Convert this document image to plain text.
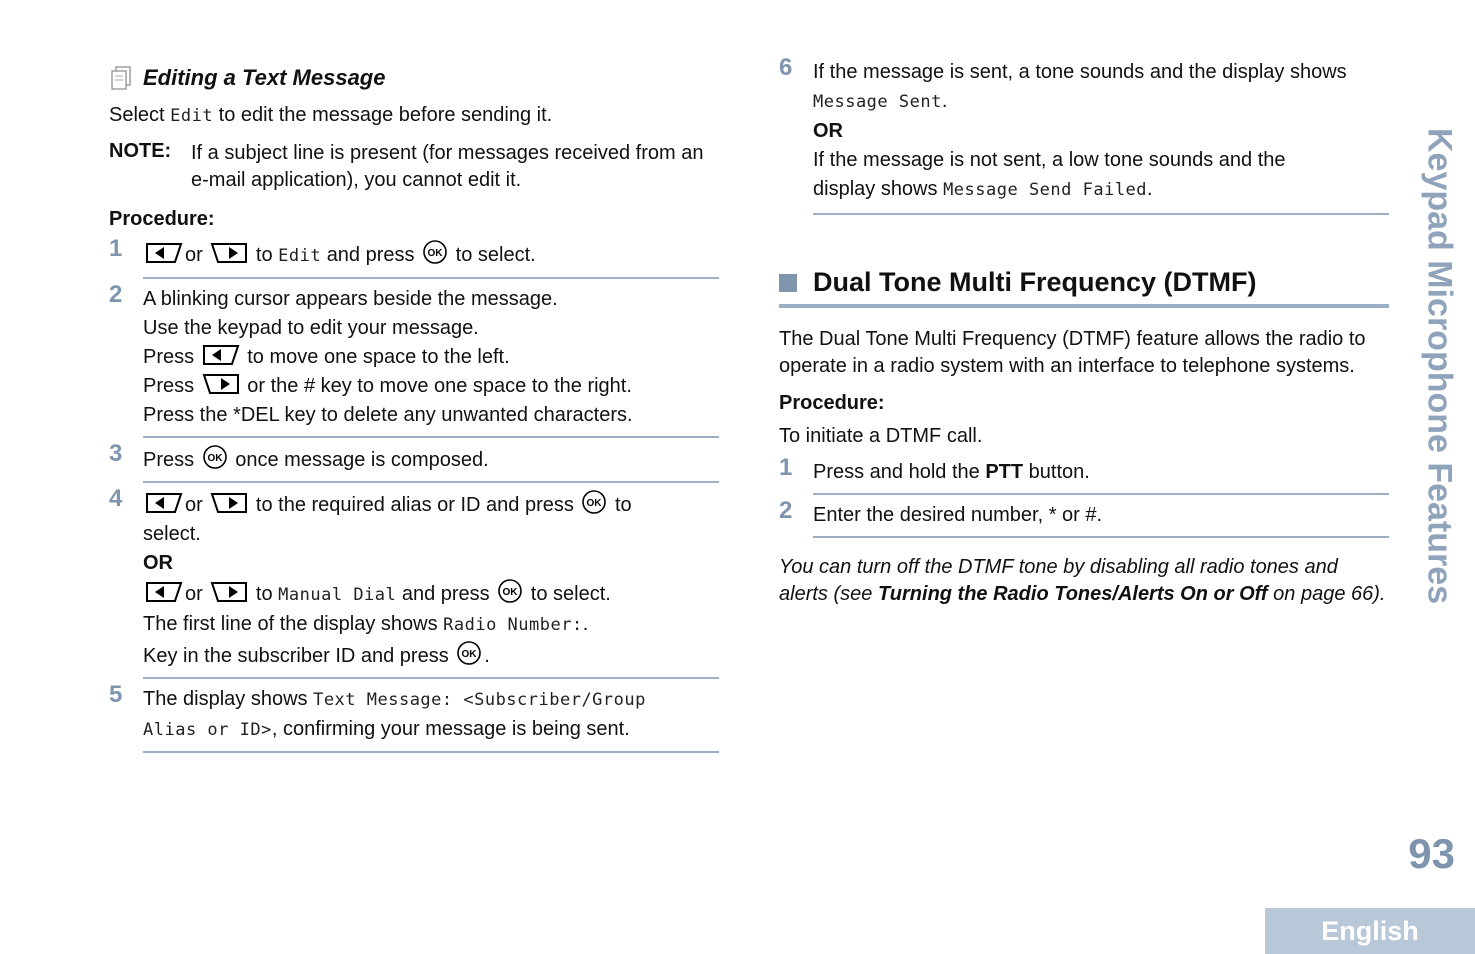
Editing a Text Message

Select Edit to edit the message before sending it.

NOTE: If a subject line is present (for messages received from an e-mail application), you cannot edit it.

Procedure:
1	or	to Edit and press OK to select.

2	A blinking cursor appears beside the message.

Use the keypad to edit your message.

Press	to move one space to the left.

Press	or the # key to move one space to the right.

Press the *DEL key to delete any unwanted characters.

3	Press OK once message is composed.

4	or	to the required alias or ID and press OK to

select.

OR

or	to Manual Dial and press OK to select.

The first line of the display shows Radio Number:.

Key in the subscriber ID and press OK .

5	The display shows Text Message: <Subscriber/Group

Alias or ID>, confirming your message is being sent.

6	If the message is sent, a tone sounds and the display shows

Message Sent.

OR

If the message is not sent, a low tone sounds and the

display shows Message Send Failed.

Dual Tone Multi Frequency (DTMF)

The Dual Tone Multi Frequency (DTMF) feature allows the radio to operate in a radio system with an interface to telephone systems.

Procedure:

To initiate a DTMF call.

1	Press and hold the PTT button.

2	Enter the desired number, * or #.

You can turn off the DTMF tone by disabling all radio tones and alerts (see Turning the Radio Tones/Alerts On or Off on page 66). Keypad Microphone Features
93
English
